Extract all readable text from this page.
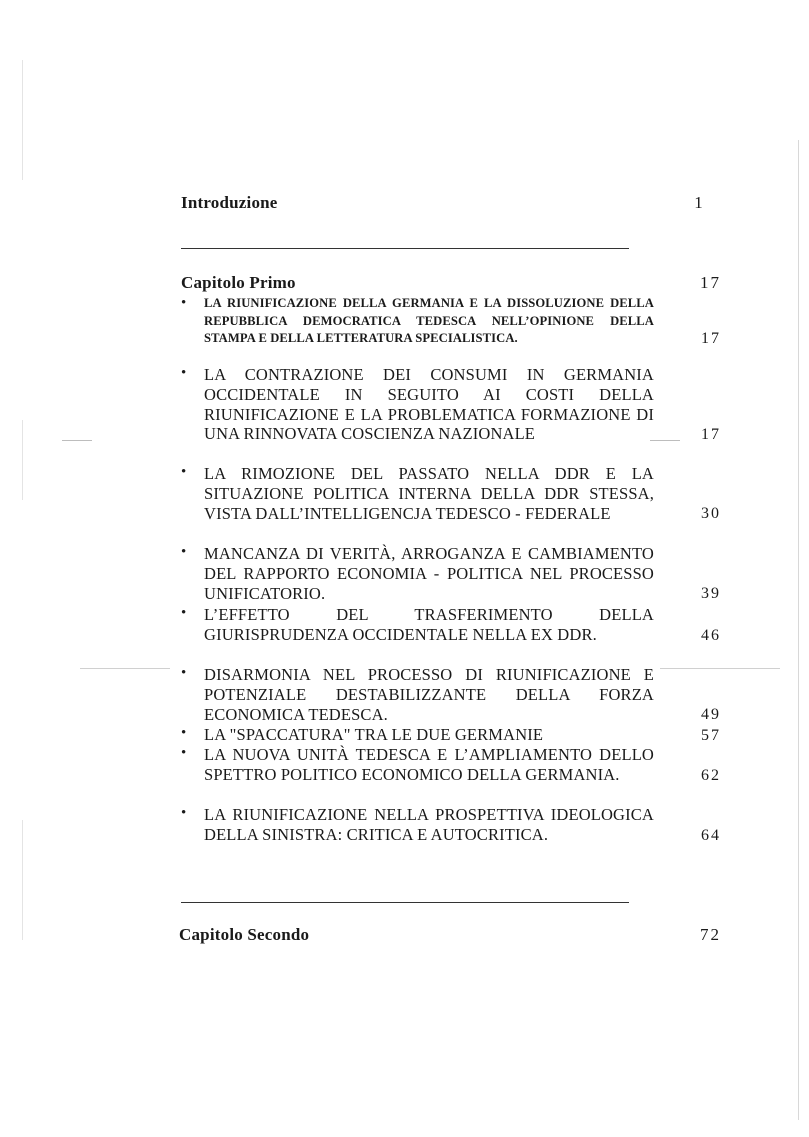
Introduzione	1
Capitolo Primo	17
• LA RIUNIFICAZIONE DELLA GERMANIA E LA DISSOLUZIONE DELLA REPUBBLICA DEMOCRATICA TEDESCA NELL’OPINIONE DELLA STAMPA E DELLA LETTERATURA SPECIALISTICA.	17
• LA CONTRAZIONE DEI CONSUMI IN GERMANIA OCCIDENTALE IN SEGUITO AI COSTI DELLA RIUNIFICAZIONE E LA PROBLEMATICA FORMAZIONE DI UNA RINNOVATA COSCIENZA NAZIONALE	17
• LA RIMOZIONE DEL PASSATO NELLA DDR E LA SITUAZIONE POLITICA INTERNA DELLA DDR STESSA, VISTA DALL’INTELLIGENCJA TEDESCO - FEDERALE	30
• MANCANZA DI VERITÀ, ARROGANZA E CAMBIAMENTO DEL RAPPORTO ECONOMIA - POLITICA NEL PROCESSO UNIFICATORIO.	39
• L’EFFETTO DEL TRASFERIMENTO DELLA GIURISPRUDENZA OCCIDENTALE NELLA EX DDR.	46
• DISARMONIA NEL PROCESSO DI RIUNIFICAZIONE E POTENZIALE DESTABILIZZANTE DELLA FORZA ECONOMICA TEDESCA.	49
• LA "SPACCATURA" TRA LE DUE GERMANIE	57
• LA NUOVA UNITÀ TEDESCA E L’AMPLIAMENTO DELLO SPETTRO POLITICO ECONOMICO DELLA GERMANIA.	62
• LA RIUNIFICAZIONE NELLA PROSPETTIVA IDEOLOGICA DELLA SINISTRA: CRITICA E AUTOCRITICA.	64
Capitolo Secondo	72
